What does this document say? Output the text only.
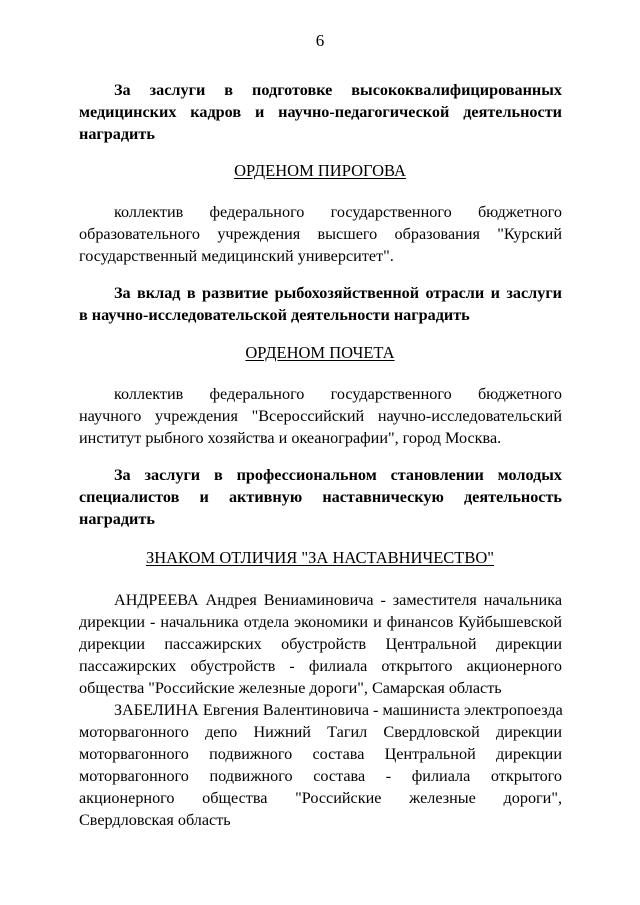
6
За заслуги в подготовке высококвалифицированных
медицинских кадров и научно-педагогической деятельности
наградить
ОРДЕНОМ ПИРОГОВА
коллектив федерального государственного бюджетного
образовательного учреждения высшего образования "Курский
государственный медицинский университет".
За вклад в развитие рыбохозяйственной отрасли и заслуги
в научно-исследовательской деятельности наградить
ОРДЕНОМ ПОЧЕТА
коллектив федерального государственного бюджетного
научного учреждения "Всероссийский научно-исследовательский
институт рыбного хозяйства и океанографии", город Москва.
За заслуги в профессиональном становлении молодых
специалистов и активную наставническую деятельность
наградить
ЗНАКОМ ОТЛИЧИЯ "ЗА НАСТАВНИЧЕСТВО"
АНДРЕЕВА Андрея Вениаминовича - заместителя начальника
дирекции - начальника отдела экономики и финансов Куйбышевской
дирекции пассажирских обустройств Центральной дирекции
пассажирских обустройств - филиала открытого акционерного
общества "Российские железные дороги", Самарская область
ЗАБЕЛИНА Евгения Валентиновича - машиниста электропоезда
моторвагонного депо Нижний Тагил Свердловской дирекции
моторвагонного подвижного состава Центральной дирекции
моторвагонного подвижного состава - филиала открытого
акционерного общества "Российские железные дороги",
Свердловская область
